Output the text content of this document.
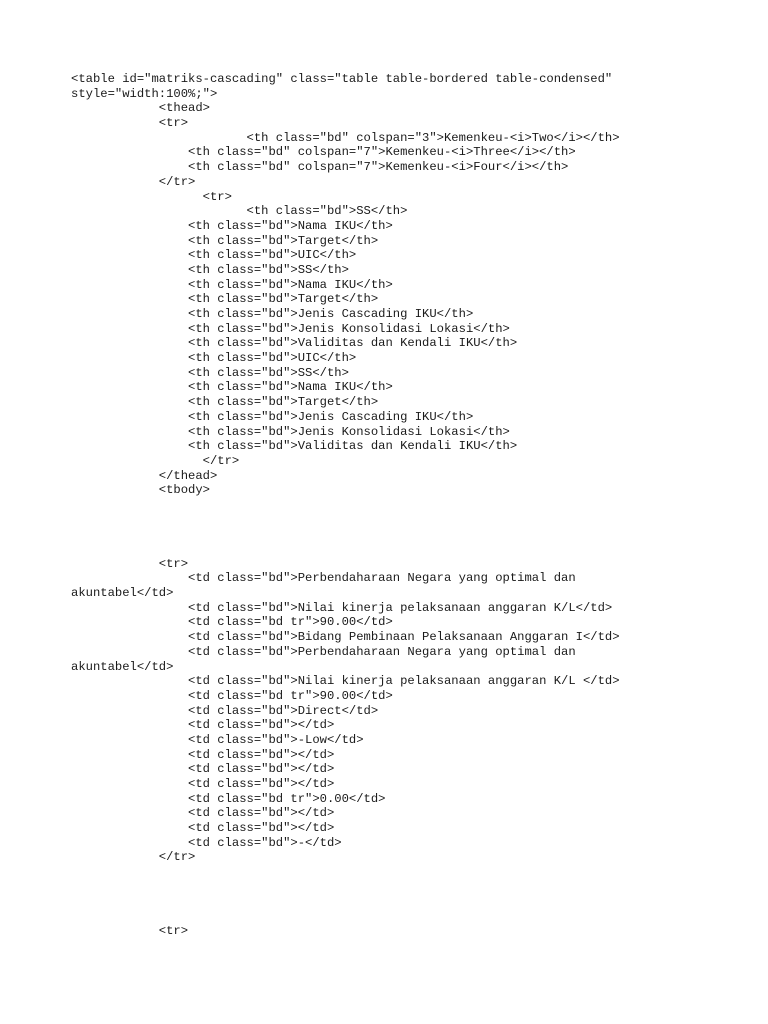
<table id="matriks-cascading" class="table table-bordered table-condensed"
style="width:100%;">
<thead>
<tr>
<th class="bd" colspan="3">Kemenkeu-<i>Two</i></th>
<th class="bd" colspan="7">Kemenkeu-<i>Three</i></th>
<th class="bd" colspan="7">Kemenkeu-<i>Four</i></th>
</tr>
<tr>
<th class="bd">SS</th>
<th class="bd">Nama IKU</th>
<th class="bd">Target</th>
<th class="bd">UIC</th>
<th class="bd">SS</th>
<th class="bd">Nama IKU</th>
<th class="bd">Target</th>
<th class="bd">Jenis Cascading IKU</th>
<th class="bd">Jenis Konsolidasi Lokasi</th>
<th class="bd">Validitas dan Kendali IKU</th>
<th class="bd">UIC</th>
<th class="bd">SS</th>
<th class="bd">Nama IKU</th>
<th class="bd">Target</th>
<th class="bd">Jenis Cascading IKU</th>
<th class="bd">Jenis Konsolidasi Lokasi</th>
<th class="bd">Validitas dan Kendali IKU</th>
</tr>
</thead>
<tbody>
<tr>
<td class="bd">Perbendaharaan Negara yang optimal dan
akuntabel</td>
<td class="bd">Nilai kinerja pelaksanaan anggaran K/L</td>
<td class="bd tr">90.00</td>
<td class="bd">Bidang Pembinaan Pelaksanaan Anggaran I</td>
<td class="bd">Perbendaharaan Negara yang optimal dan
akuntabel</td>
<td class="bd">Nilai kinerja pelaksanaan anggaran K/L </td>
<td class="bd tr">90.00</td>
<td class="bd">Direct</td>
<td class="bd"></td>
<td class="bd">-Low</td>
<td class="bd"></td>
<td class="bd"></td>
<td class="bd"></td>
<td class="bd tr">0.00</td>
<td class="bd"></td>
<td class="bd"></td>
<td class="bd">-</td>
</tr>
<tr>
